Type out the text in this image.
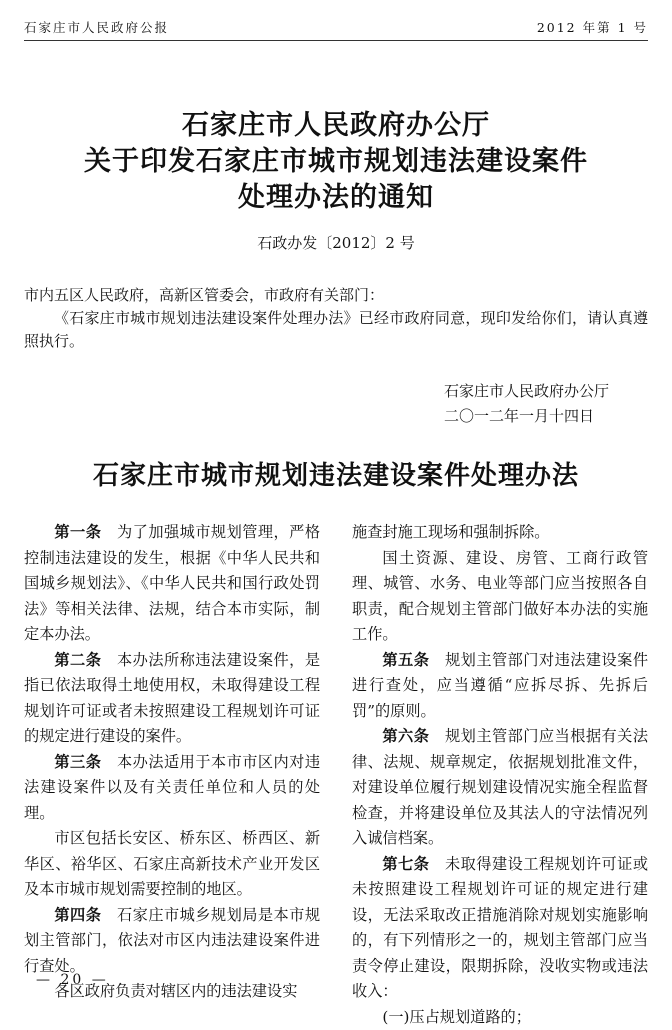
石家庄市人民政府公报	2012 年第 1 号
石家庄市人民政府办公厅
关于印发石家庄市城市规划违法建设案件
处理办法的通知
石政办发〔2012〕2 号
市内五区人民政府，高新区管委会，市政府有关部门：
《石家庄市城市规划违法建设案件处理办法》已经市政府同意，现印发给你们，请认真遵照执行。
石家庄市人民政府办公厅
二〇一二年一月十四日
石家庄市城市规划违法建设案件处理办法

第一条  为了加强城市规划管理，严格控制违法建设的发生，根据《中华人民共和国城乡规划法》、《中华人民共和国行政处罚法》等相关法律、法规，结合本市实际，制定本办法。

第二条  本办法所称违法建设案件，是指已依法取得土地使用权，未取得建设工程规划许可证或者未按照建设工程规划许可证的规定进行建设的案件。

第三条  本办法适用于本市市区内对违法建设案件以及有关责任单位和人员的处理。

市区包括长安区、桥东区、桥西区、新华区、裕华区、石家庄高新技术产业开发区及本市城市规划需要控制的地区。

第四条  石家庄市城乡规划局是本市规划主管部门，依法对市区内违法建设案件进行查处。

各区政府负责对辖区内的违法建设实

施查封施工现场和强制拆除。

国土资源、建设、房管、工商行政管理、城管、水务、电业等部门应当按照各自职责，配合规划主管部门做好本办法的实施工作。

第五条  规划主管部门对违法建设案件进行查处，应当遵循“应拆尽拆、先拆后罚”的原则。

第六条  规划主管部门应当根据有关法律、法规、规章规定，依据规划批准文件，对建设单位履行规划建设情况实施全程监督检查，并将建设单位及其法人的守法情况列入诚信档案。

第七条  未取得建设工程规划许可证或未按照建设工程规划许可证的规定进行建设，无法采取改正措施消除对规划实施影响的，有下列情形之一的，规划主管部门应当责令停止建设，限期拆除，没收实物或违法收入：

(一)压占规划道路的；

— 20 —
